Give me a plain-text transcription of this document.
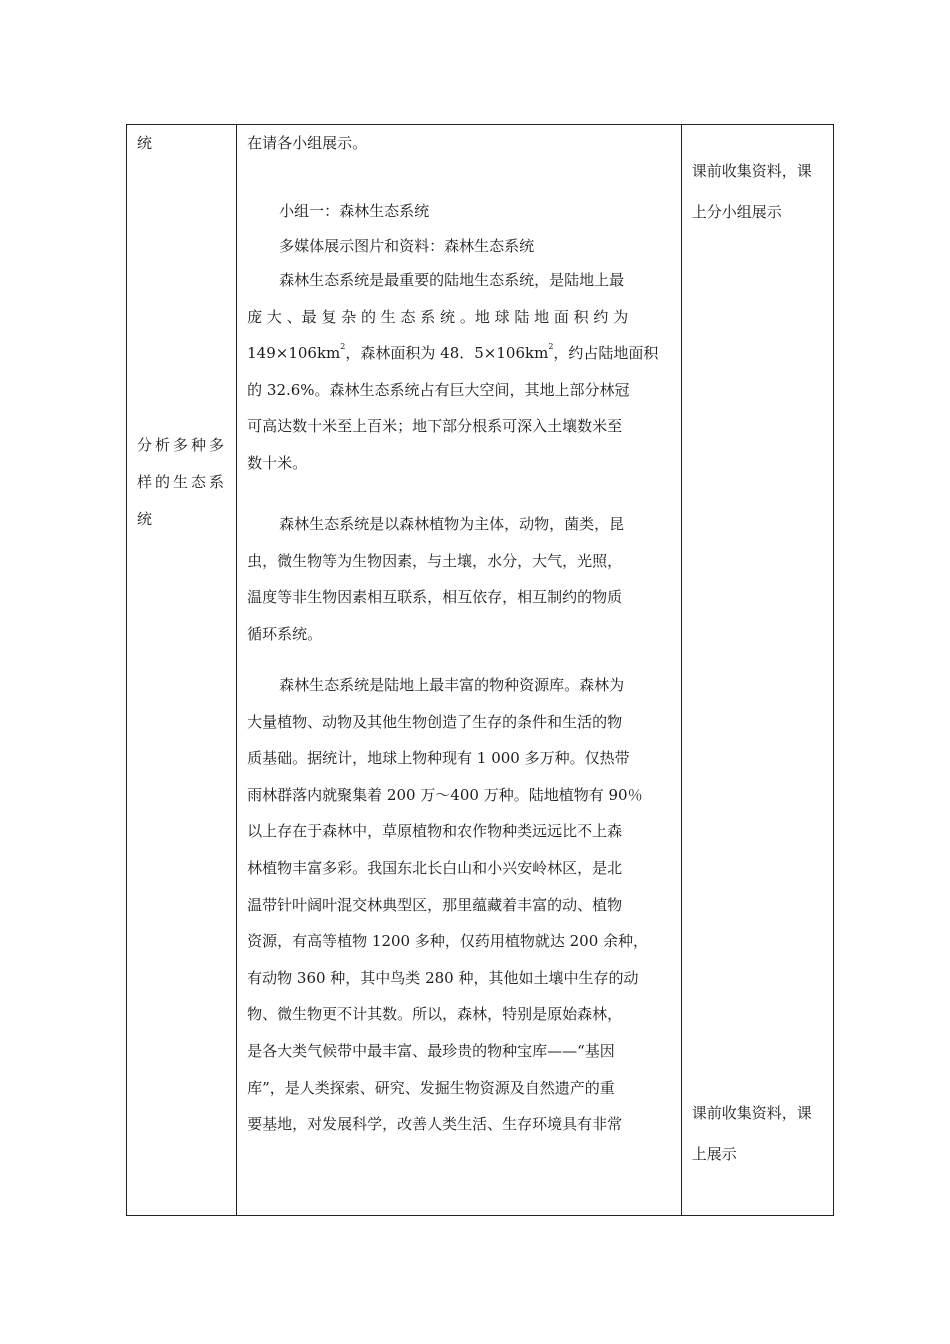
统
分析多种多
样的生态系
统

在请各小组展示。
小组一：森林生态系统
多媒体展示图片和资料：森林生态系统
森林生态系统是最重要的陆地生态系统，是陆地上最
庞 大 、最 复 杂 的 生 态 系 统 。地 球 陆 地 面 积 约 为
$149\times 106km^2$，森林面积为 48．$5\times 106km^2$，约占陆地面积
的 32.6%。森林生态系统占有巨大空间，其地上部分林冠
可高达数十米至上百米；地下部分根系可深入土壤数米至
数十米。
森林生态系统是以森林植物为主体，动物，菌类，昆
虫，微生物等为生物因素，与土壤，水分，大气，光照，
温度等非生物因素相互联系，相互依存，相互制约的物质
循环系统。
森林生态系统是陆地上最丰富的物种资源库。森林为
大量植物、动物及其他生物创造了生存的条件和生活的物
质基础。据统计，地球上物种现有 1 000 多万种。仅热带
雨林群落内就聚集着 200 万～400 万种。陆地植物有 90％
以上存在于森林中，草原植物和农作物种类远远比不上森
林植物丰富多彩。我国东北长白山和小兴安岭林区，是北
温带针叶阔叶混交林典型区，那里蕴藏着丰富的动、植物
资源，有高等植物 1200 多种，仅药用植物就达 200 余种，
有动物 360 种，其中鸟类 280 种，其他如土壤中生存的动
物、微生物更不计其数。所以，森林，特别是原始森林，
是各大类气候带中最丰富、最珍贵的物种宝库——“基因
库”，是人类探索、研究、发掘生物资源及自然遗产的重
要基地，对发展科学，改善人类生活、生存环境具有非常

课前收集资料，课
上分小组展示
课前收集资料，课
上展示
